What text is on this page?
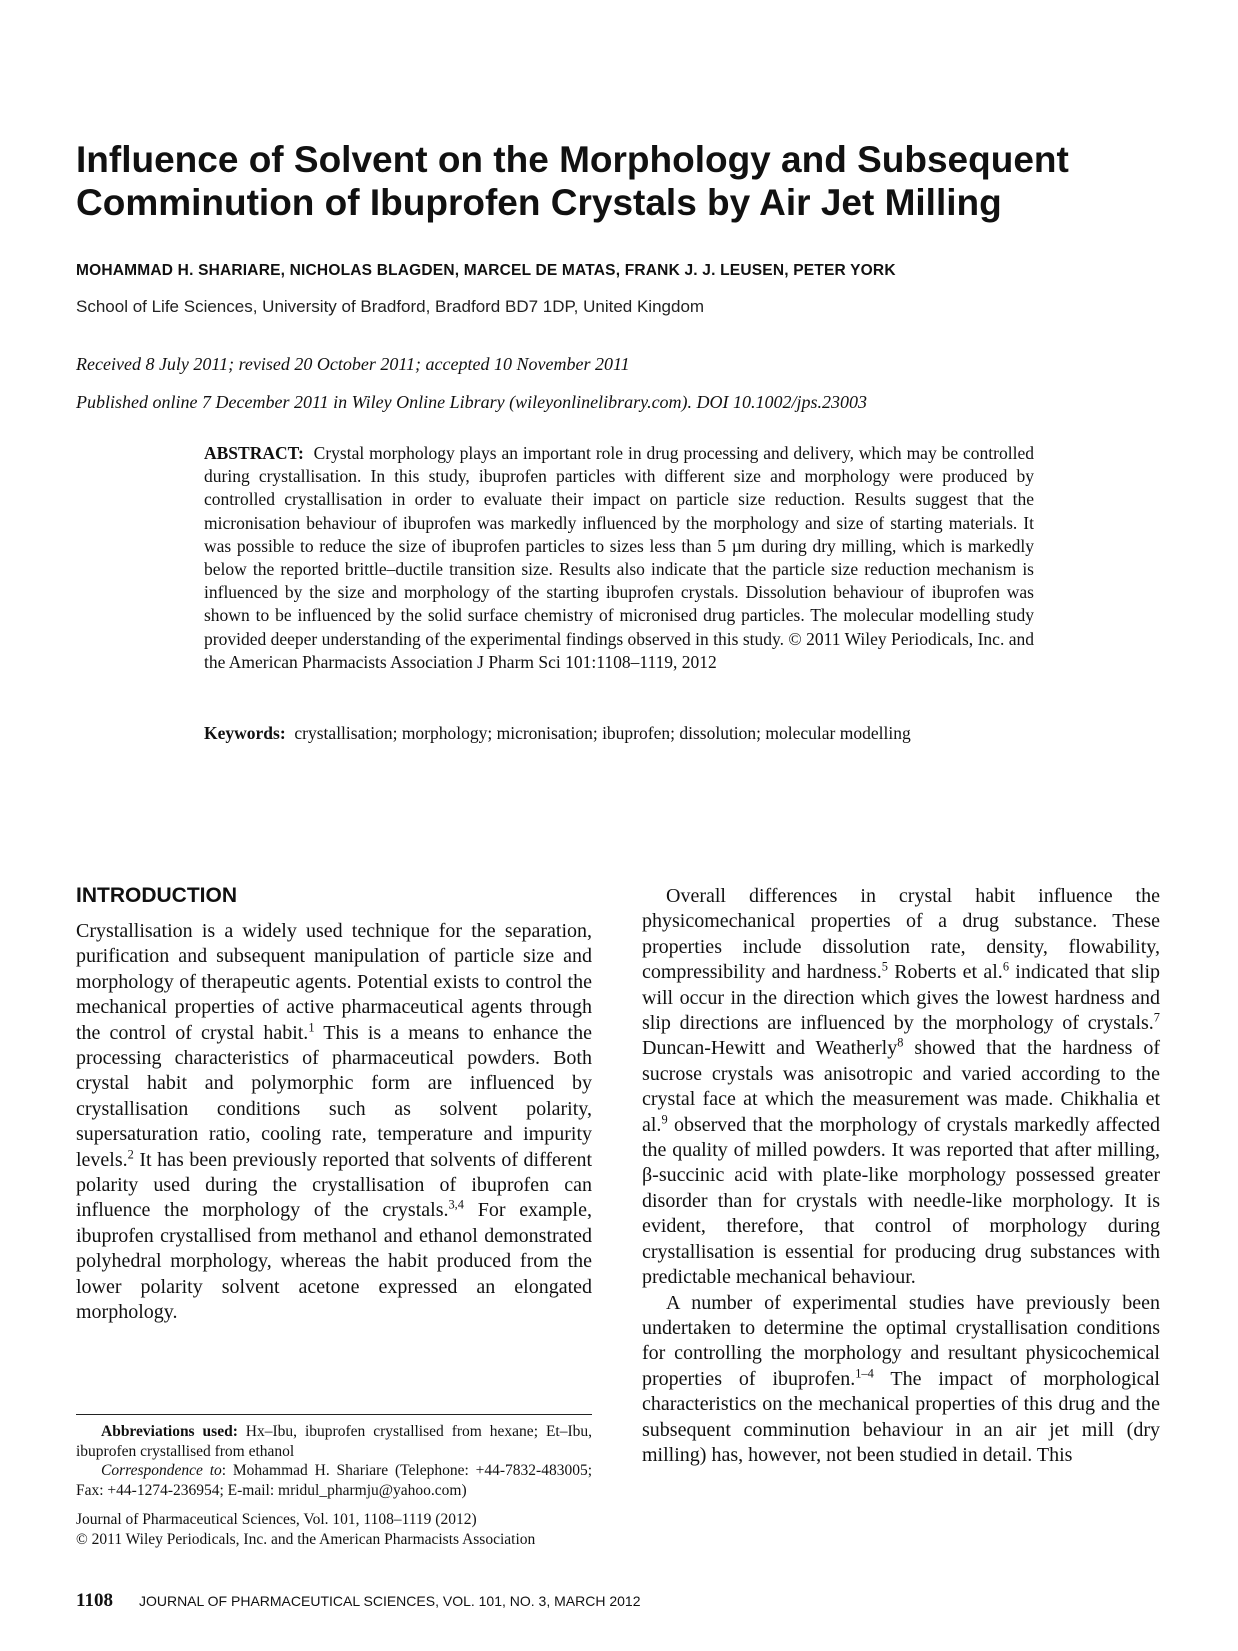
Influence of Solvent on the Morphology and Subsequent Comminution of Ibuprofen Crystals by Air Jet Milling

MOHAMMAD H. SHARIARE, NICHOLAS BLAGDEN, MARCEL DE MATAS, FRANK J. J. LEUSEN, PETER YORK

School of Life Sciences, University of Bradford, Bradford BD7 1DP, United Kingdom

Received 8 July 2011; revised 20 October 2011; accepted 10 November 2011

Published online 7 December 2011 in Wiley Online Library (wileyonlinelibrary.com). DOI 10.1002/jps.23003

ABSTRACT: Crystal morphology plays an important role in drug processing and delivery, which may be controlled during crystallisation. In this study, ibuprofen particles with different size and morphology were produced by controlled crystallisation in order to evaluate their impact on particle size reduction. Results suggest that the micronisation behaviour of ibuprofen was markedly influenced by the morphology and size of starting materials. It was possible to reduce the size of ibuprofen particles to sizes less than 5 µm during dry milling, which is markedly below the reported brittle–ductile transition size. Results also indicate that the particle size reduction mechanism is influenced by the size and morphology of the starting ibuprofen crystals. Dissolution behaviour of ibuprofen was shown to be influenced by the solid surface chemistry of micronised drug particles. The molecular modelling study provided deeper understanding of the experimental findings observed in this study. © 2011 Wiley Periodicals, Inc. and the American Pharmacists Association J Pharm Sci 101:1108–1119, 2012

Keywords: crystallisation; morphology; micronisation; ibuprofen; dissolution; molecular modelling

INTRODUCTION

Crystallisation is a widely used technique for the separation, purification and subsequent manipulation of particle size and morphology of therapeutic agents. Potential exists to control the mechanical properties of active pharmaceutical agents through the control of crystal habit.$^1$ This is a means to enhance the processing characteristics of pharmaceutical powders. Both crystal habit and polymorphic form are influenced by crystallisation conditions such as solvent polarity, supersaturation ratio, cooling rate, temperature and impurity levels.$^2$ It has been previously reported that solvents of different polarity used during the crystallisation of ibuprofen can influence the morphology of the crystals.$^{3,4}$ For example, ibuprofen crystallised from methanol and ethanol demonstrated polyhedral morphology, whereas the habit produced from the lower polarity solvent acetone expressed an elongated morphology.

Abbreviations used: Hx–Ibu, ibuprofen crystallised from hexane; Et–Ibu, ibuprofen crystallised from ethanol

Correspondence to: Mohammad H. Shariare (Telephone: +44-7832-483005; Fax: +44-1274-236954; E-mail: mridul_pharmju@yahoo.com)

Journal of Pharmaceutical Sciences, Vol. 101, 1108–1119 (2012)

© 2011 Wiley Periodicals, Inc. and the American Pharmacists Association

Overall differences in crystal habit influence the physicomechanical properties of a drug substance. These properties include dissolution rate, density, flowability, compressibility and hardness.$^5$ Roberts et al.$^6$ indicated that slip will occur in the direction which gives the lowest hardness and slip directions are influenced by the morphology of crystals.$^7$ Duncan-Hewitt and Weatherly$^8$ showed that the hardness of sucrose crystals was anisotropic and varied according to the crystal face at which the measurement was made. Chikhalia et al.$^9$ observed that the morphology of crystals markedly affected the quality of milled powders. It was reported that after milling, β-succinic acid with plate-like morphology possessed greater disorder than for crystals with needle-like morphology. It is evident, therefore, that control of morphology during crystallisation is essential for producing drug substances with predictable mechanical behaviour.

A number of experimental studies have previously been undertaken to determine the optimal crystallisation conditions for controlling the morphology and resultant physicochemical properties of ibuprofen.$^{1-4}$ The impact of morphological characteristics on the mechanical properties of this drug and the subsequent comminution behaviour in an air jet mill (dry milling) has, however, not been studied in detail. This

1108 JOURNAL OF PHARMACEUTICAL SCIENCES, VOL. 101, NO. 3, MARCH 2012
